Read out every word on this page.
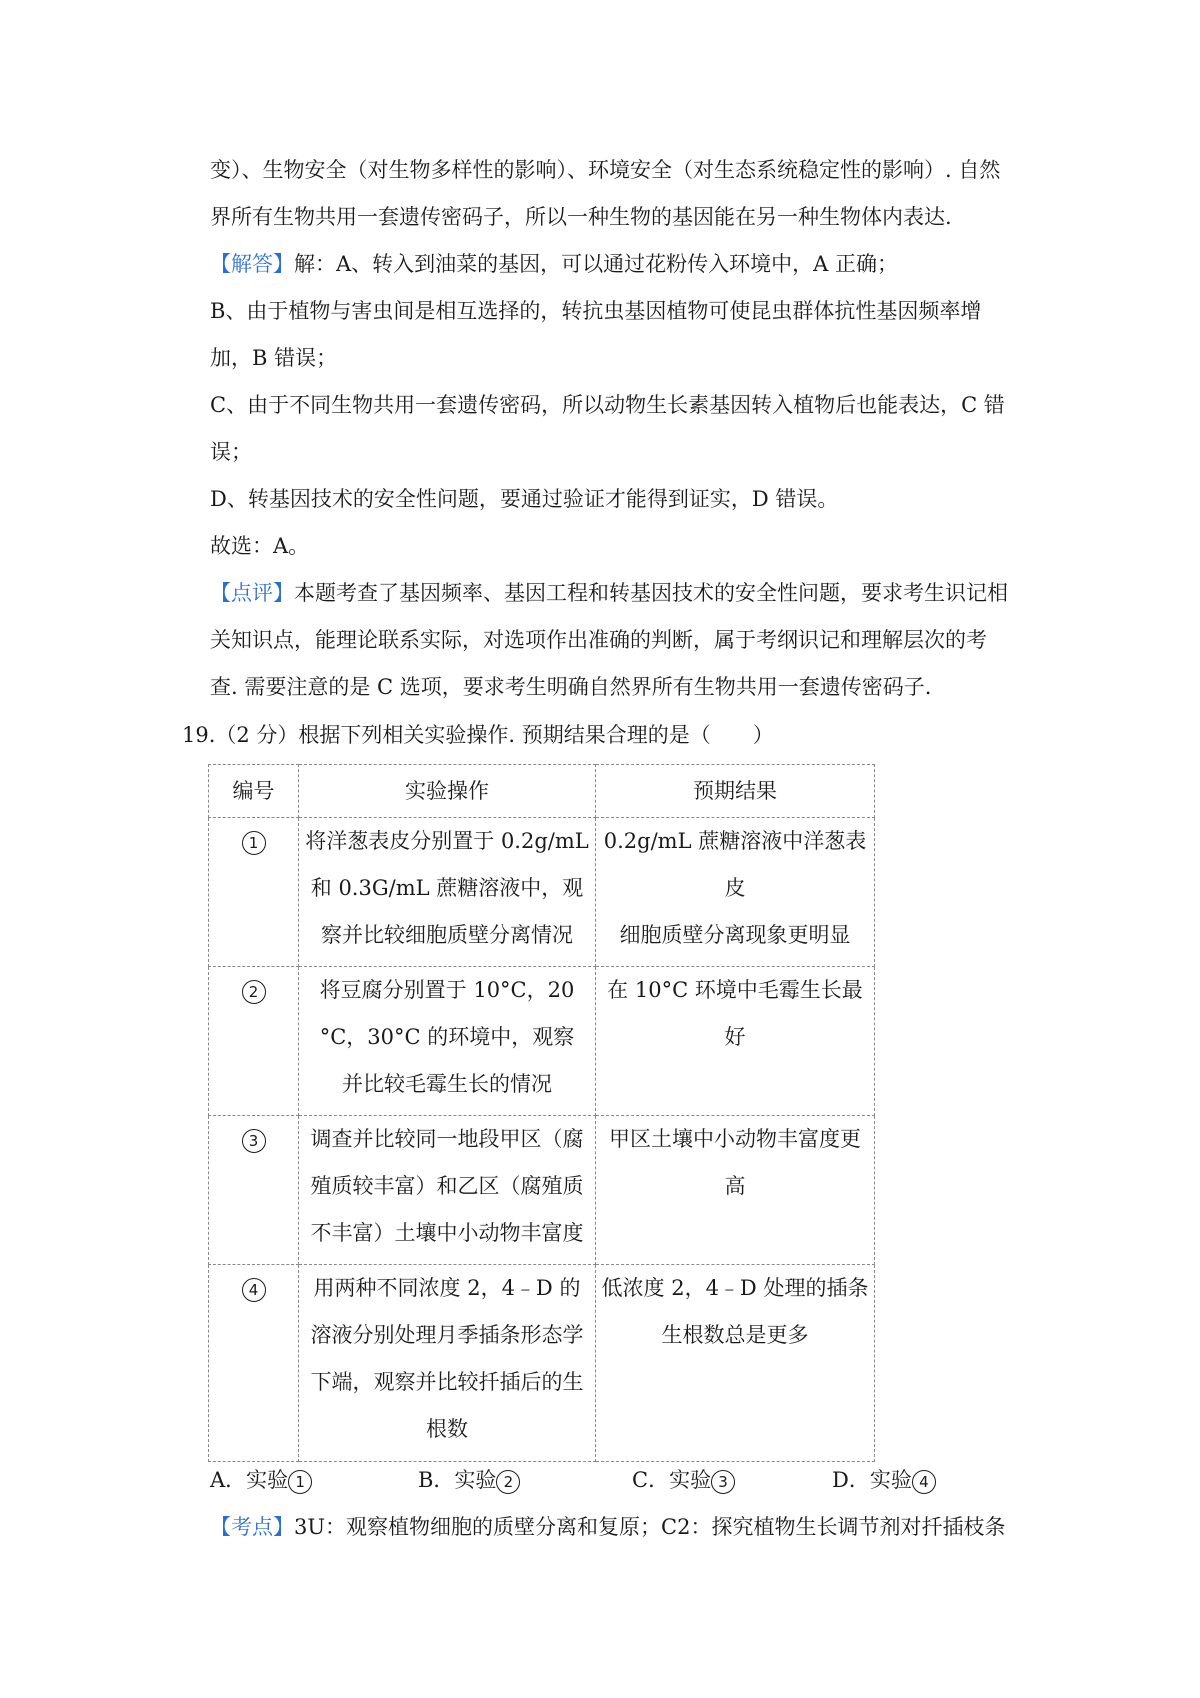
变）、生物安全（对生物多样性的影响）、环境安全（对生态系统稳定性的影响）. 自然
界所有生物共用一套遗传密码子，所以一种生物的基因能在另一种生物体内表达.
【解答】解：A、转入到油菜的基因，可以通过花粉传入环境中，A 正确；
B、由于植物与害虫间是相互选择的，转抗虫基因植物可使昆虫群体抗性基因频率增
加，B 错误；
C、由于不同生物共用一套遗传密码，所以动物生长素基因转入植物后也能表达，C 错
误；
D、转基因技术的安全性问题，要通过验证才能得到证实，D 错误。
故选：A。
【点评】本题考查了基因频率、基因工程和转基因技术的安全性问题，要求考生识记相
关知识点，能理论联系实际，对选项作出准确的判断，属于考纲识记和理解层次的考
查. 需要注意的是 C 选项，要求考生明确自然界所有生物共用一套遗传密码子.
19.（2 分）根据下列相关实验操作. 预期结果合理的是（　　）
编号	实验操作	预期结果
1	将洋葱表皮分别置于 0.2g/mL
和 0.3G/mL 蔗糖溶液中，观
察并比较细胞质壁分离情况	0.2g/mL 蔗糖溶液中洋葱表皮
细胞质壁分离现象更明显

2	将豆腐分别置于 10°C，20
°C，30°C 的环境中，观察
并比较毛霉生长的情况	在 10°C 环境中毛霉生长最
好

3	调查并比较同一地段甲区（腐
殖质较丰富）和乙区（腐殖质
不丰富）土壤中小动物丰富度	甲区土壤中小动物丰富度更
高

4	用两种不同浓度 2，4﹣D 的
溶液分别处理月季插条形态学
下端，观察并比较扦插后的生
根数	低浓度 2，4﹣D 处理的插条
生根数总是更多
A．实验 1	B．实验 2	C．实验 3	D．实验 4
【考点】3U：观察植物细胞的质壁分离和复原；C2：探究植物生长调节剂对扦插枝条
